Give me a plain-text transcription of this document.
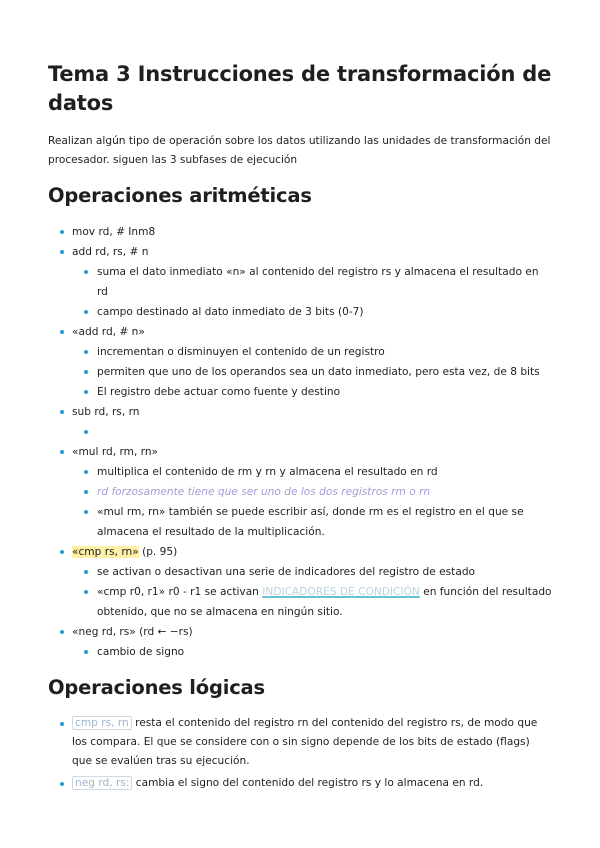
Tema 3 Instrucciones de transformación de datos

Realizan algún tipo de operación sobre los datos utilizando las unidades de transformación del procesador. siguen las 3 subfases de ejecución

Operaciones aritméticas
mov rd, # Inm8
add rd, rs, # n
suma el dato inmediato «n» al contenido del registro rs y almacena el resultado en rd
campo destinado al dato inmediato de 3 bits (0-7)
«add rd, # n»
incrementan o disminuyen el contenido de un registro
permiten que uno de los operandos sea un dato inmediato, pero esta vez, de 8 bits
El registro debe actuar como fuente y destino
sub rd, rs, rn

«mul rd, rm, rn»
multiplica el contenido de rm y rn y almacena el resultado en rd
rd forzosamente tiene que ser uno de los dos registros rm o rn
«mul rm, rn» también se puede escribir así, donde rm es el registro en el que se almacena el resultado de la multiplicación.
«cmp rs, rn» (p. 95)
se activan o desactivan una serie de indicadores del registro de estado
«cmp r0, r1» r0 - r1 se activan INDICADORES DE CONDICIÓN en función del resultado obtenido, que no se almacena en ningún sitio.
«neg rd, rs» (rd ← −rs)
cambio de signo
Operaciones lógicas
cmp rs, rn resta el contenido del registro rn del contenido del registro rs, de modo que los compara. El que se considere con o sin signo depende de los bits de estado (flags) que se evalúen tras su ejecución.
neg rd, rs: cambia el signo del contenido del registro rs y lo almacena en rd.
